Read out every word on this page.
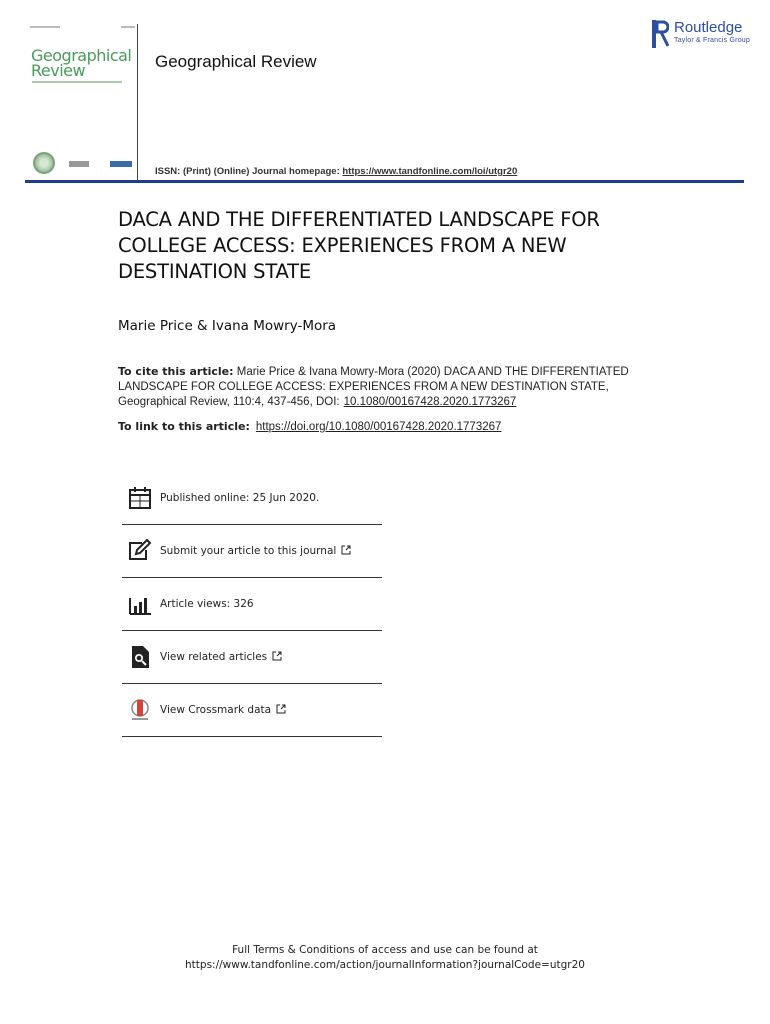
Geographical
Review	Geographical Review
ISSN: (Print) (Online) Journal homepage: https://www.tandfonline.com/loi/utgr20
Routledge
Taylor & Francis Group
DACA AND THE DIFFERENTIATED LANDSCAPE FOR
COLLEGE ACCESS: EXPERIENCES FROM A NEW
DESTINATION STATE
Marie Price & Ivana Mowry-Mora
To cite this article: Marie Price & Ivana Mowry-Mora (2020) DACA AND THE DIFFERENTIATED
LANDSCAPE FOR COLLEGE ACCESS: EXPERIENCES FROM A NEW DESTINATION STATE,
Geographical Review, 110:4, 437-456, DOI: 10.1080/00167428.2020.1773267
To link to this article: https://doi.org/10.1080/00167428.2020.1773267
Published online: 25 Jun 2020.
Submit your article to this journal
Article views: 326
View related articles
View Crossmark data
Full Terms & Conditions of access and use can be found at
https://www.tandfonline.com/action/journalInformation?journalCode=utgr20
